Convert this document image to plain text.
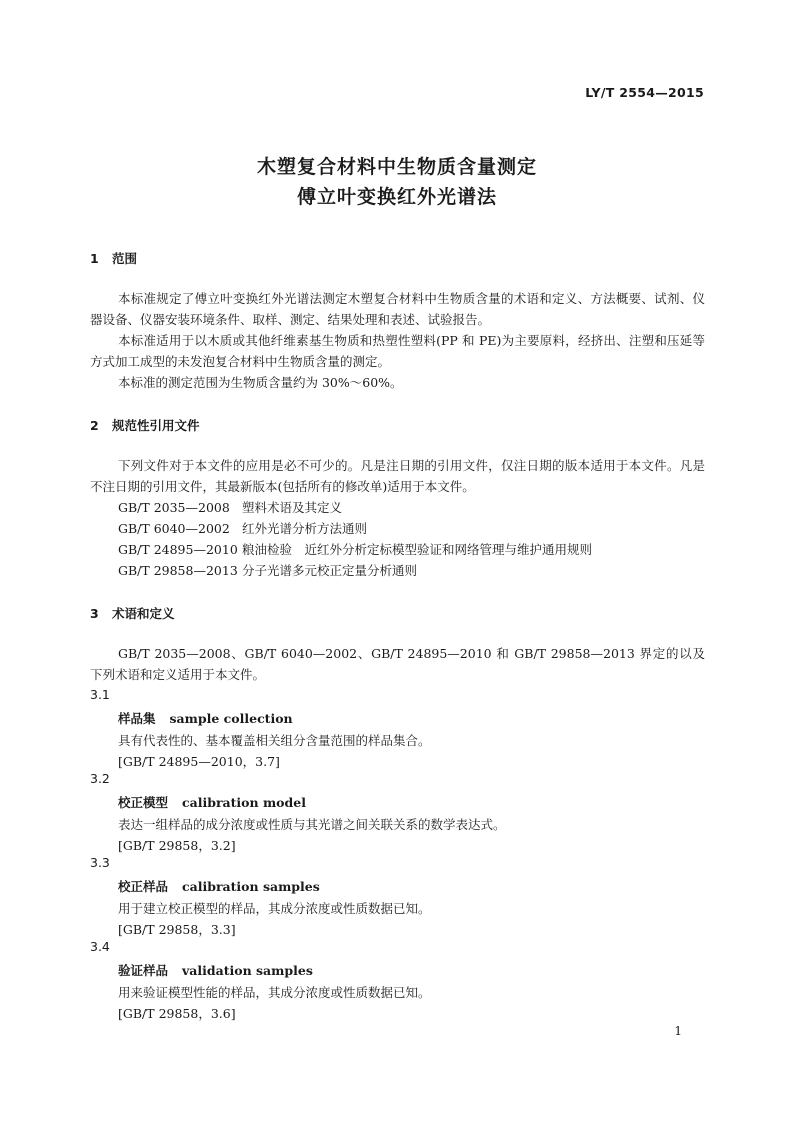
LY/T 2554—2015
木塑复合材料中生物质含量测定
傅立叶变换红外光谱法
1 范围
本标准规定了傅立叶变换红外光谱法测定木塑复合材料中生物质含量的术语和定义、方法概要、试剂、仪器设备、仪器安装环境条件、取样、测定、结果处理和表述、试验报告。
本标准适用于以木质或其他纤维素基生物质和热塑性塑料(PP 和 PE)为主要原料，经挤出、注塑和压延等方式加工成型的未发泡复合材料中生物质含量的测定。
本标准的测定范围为生物质含量约为 30%～60%。
2 规范性引用文件
下列文件对于本文件的应用是必不可少的。凡是注日期的引用文件，仅注日期的版本适用于本文件。凡是不注日期的引用文件，其最新版本(包括所有的修改单)适用于本文件。
GB/T 2035—2008 塑料术语及其定义
GB/T 6040—2002 红外光谱分析方法通则
GB/T 24895—2010 粮油检验　近红外分析定标模型验证和网络管理与维护通用规则
GB/T 29858—2013 分子光谱多元校正定量分析通则
3 术语和定义
GB/T 2035—2008、GB/T 6040—2002、GB/T 24895—2010 和 GB/T 29858—2013 界定的以及下列术语和定义适用于本文件。
3.1
样品集 sample collection
具有代表性的、基本覆盖相关组分含量范围的样品集合。
[GB/T 24895—2010，3.7]
3.2
校正模型 calibration model
表达一组样品的成分浓度或性质与其光谱之间关联关系的数学表达式。
[GB/T 29858，3.2]
3.3
校正样品 calibration samples
用于建立校正模型的样品，其成分浓度或性质数据已知。
[GB/T 29858，3.3]
3.4
验证样品 validation samples
用来验证模型性能的样品，其成分浓度或性质数据已知。
[GB/T 29858，3.6]
1
